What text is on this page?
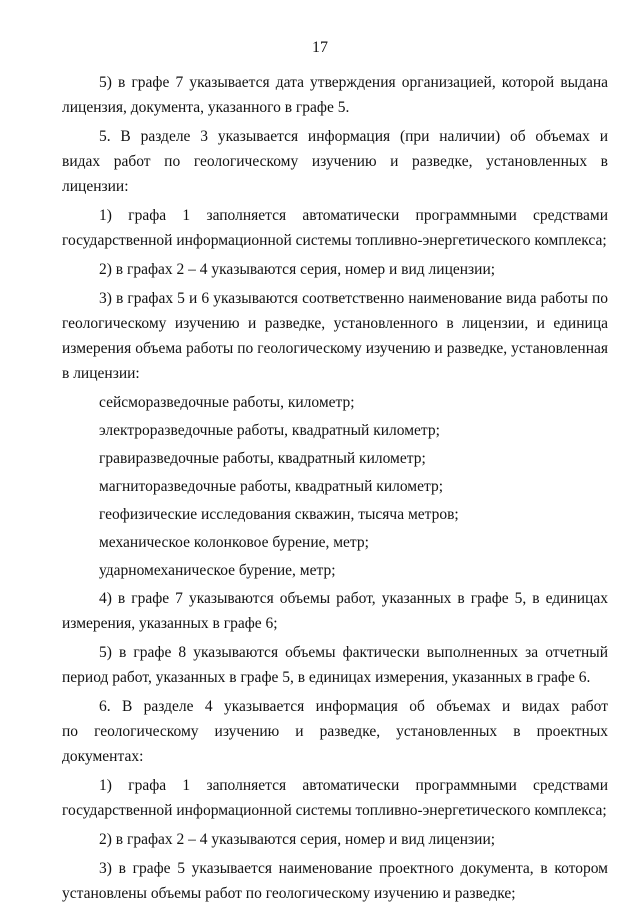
17

5) в графе 7 указывается дата утверждения организацией, которой выдана лицензия, документа, указанного в графе 5.

5. В разделе 3 указывается информация (при наличии) об объемах и видах работ по геологическому изучению и разведке, установленных в лицензии:

1) графа 1 заполняется автоматически программными средствами государственной информационной системы топливно-энергетического комплекса;

2) в графах 2 – 4 указываются серия, номер и вид лицензии;

3) в графах 5 и 6 указываются соответственно наименование вида работы по геологическому изучению и разведке, установленного в лицензии, и единица измерения объема работы по геологическому изучению и разведке, установленная в лицензии:

сейсморазведочные работы, километр;

электроразведочные работы, квадратный километр;

гравиразведочные работы, квадратный километр;

магниторазведочные работы, квадратный километр;

геофизические исследования скважин, тысяча метров;

механическое колонковое бурение, метр;

ударномеханическое бурение, метр;

4) в графе 7 указываются объемы работ, указанных в графе 5, в единицах измерения, указанных в графе 6;

5) в графе 8 указываются объемы фактически выполненных за отчетный период работ, указанных в графе 5, в единицах измерения, указанных в графе 6.

6. В разделе 4 указывается информация об объемах и видах работ по геологическому изучению и разведке, установленных в проектных документах:

1) графа 1 заполняется автоматически программными средствами государственной информационной системы топливно-энергетического комплекса;

2) в графах 2 – 4 указываются серия, номер и вид лицензии;

3) в графе 5 указывается наименование проектного документа, в котором установлены объемы работ по геологическому изучению и разведке;
